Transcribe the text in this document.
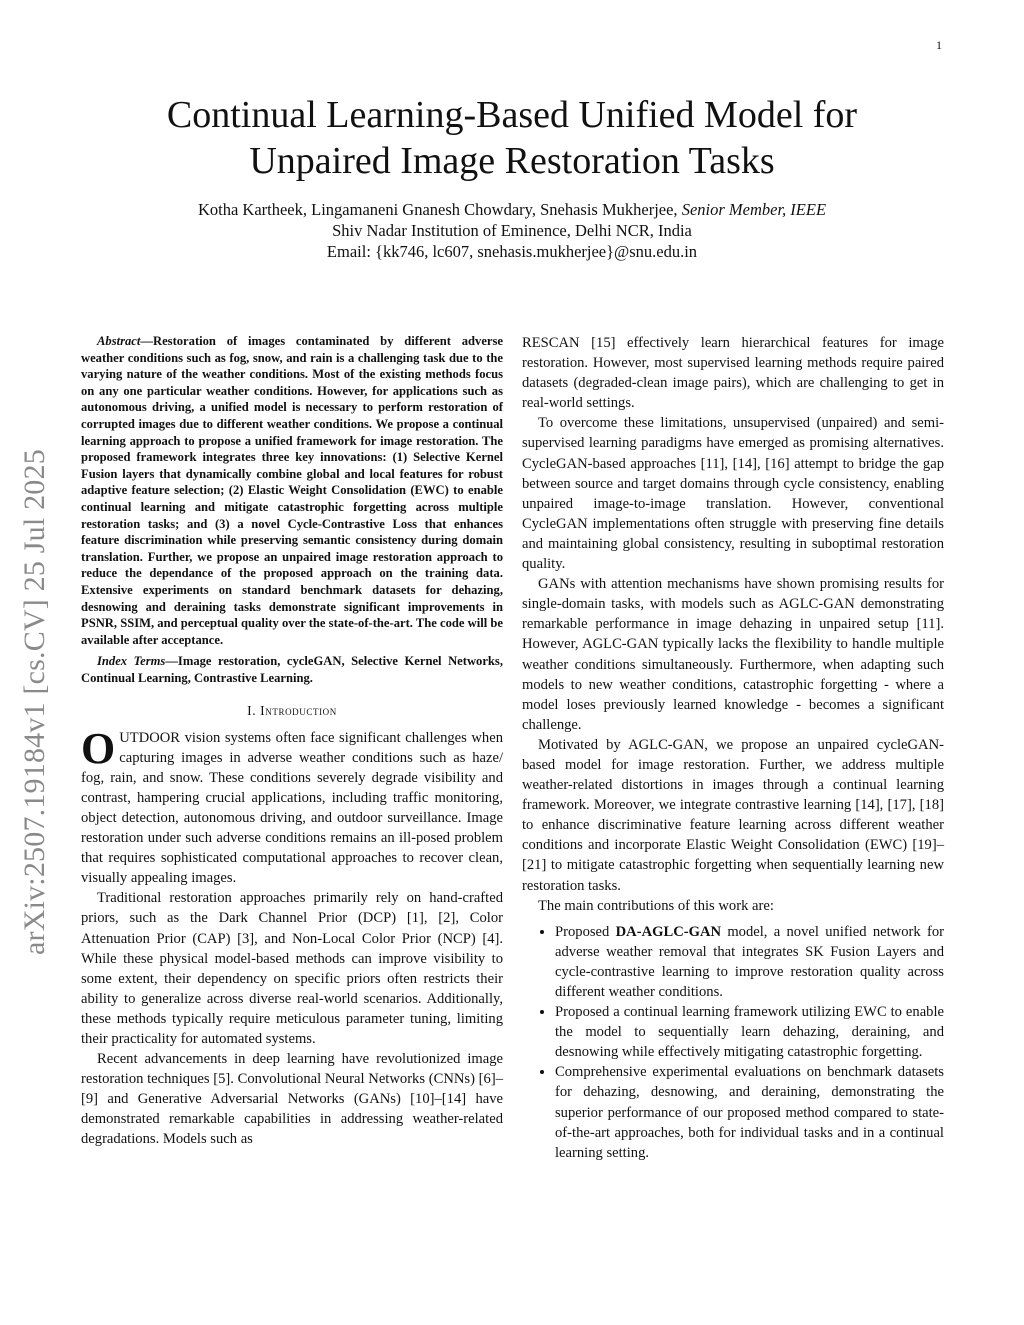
1
arXiv:2507.19184v1 [cs.CV] 25 Jul 2025
Continual Learning-Based Unified Model for
Unpaired Image Restoration Tasks
Kotha Kartheek, Lingamaneni Gnanesh Chowdary, Snehasis Mukherjee, Senior Member, IEEE
Shiv Nadar Institution of Eminence, Delhi NCR, India
Email: {kk746, lc607, snehasis.mukherjee}@snu.edu.in

Abstract—Restoration of images contaminated by different adverse weather conditions such as fog, snow, and rain is a challenging task due to the varying nature of the weather conditions. Most of the existing methods focus on any one particular weather conditions. However, for applications such as autonomous driving, a unified model is necessary to perform restoration of corrupted images due to different weather conditions. We propose a continual learning approach to propose a unified framework for image restoration. The proposed framework integrates three key innovations: (1) Selective Kernel Fusion layers that dynamically combine global and local features for robust adaptive feature selection; (2) Elastic Weight Consolidation (EWC) to enable continual learning and mitigate catastrophic forgetting across multiple restoration tasks; and (3) a novel Cycle-Contrastive Loss that enhances feature discrimination while preserving semantic consistency during domain translation. Further, we propose an unpaired image restoration approach to reduce the dependance of the proposed approach on the training data. Extensive experiments on standard benchmark datasets for dehazing, desnowing and deraining tasks demonstrate significant improvements in PSNR, SSIM, and perceptual quality over the state-of-the-art. The code will be available after acceptance.

Index Terms—Image restoration, cycleGAN, Selective Kernel Networks, Continual Learning, Contrastive Learning.

I. Introduction

OUTDOOR vision systems often face significant challenges when capturing images in adverse weather conditions such as haze/ fog, rain, and snow. These conditions severely degrade visibility and contrast, hampering crucial applications, including traffic monitoring, object detection, autonomous driving, and outdoor surveillance. Image restoration under such adverse conditions remains an ill-posed problem that requires sophisticated computational approaches to recover clean, visually appealing images.

Traditional restoration approaches primarily rely on hand-crafted priors, such as the Dark Channel Prior (DCP) [1], [2], Color Attenuation Prior (CAP) [3], and Non-Local Color Prior (NCP) [4]. While these physical model-based methods can improve visibility to some extent, their dependency on specific priors often restricts their ability to generalize across diverse real-world scenarios. Additionally, these methods typically require meticulous parameter tuning, limiting their practicality for automated systems.

Recent advancements in deep learning have revolutionized image restoration techniques [5]. Convolutional Neural Networks (CNNs) [6]–[9] and Generative Adversarial Networks (GANs) [10]–[14] have demonstrated remarkable capabilities in addressing weather-related degradations. Models such as

RESCAN [15] effectively learn hierarchical features for image restoration. However, most supervised learning methods require paired datasets (degraded-clean image pairs), which are challenging to get in real-world settings.

To overcome these limitations, unsupervised (unpaired) and semi-supervised learning paradigms have emerged as promising alternatives. CycleGAN-based approaches [11], [14], [16] attempt to bridge the gap between source and target domains through cycle consistency, enabling unpaired image-to-image translation. However, conventional CycleGAN implementations often struggle with preserving fine details and maintaining global consistency, resulting in suboptimal restoration quality.

GANs with attention mechanisms have shown promising results for single-domain tasks, with models such as AGLC-GAN demonstrating remarkable performance in image dehazing in unpaired setup [11]. However, AGLC-GAN typically lacks the flexibility to handle multiple weather conditions simultaneously. Furthermore, when adapting such models to new weather conditions, catastrophic forgetting - where a model loses previously learned knowledge - becomes a significant challenge.

Motivated by AGLC-GAN, we propose an unpaired cycleGAN-based model for image restoration. Further, we address multiple weather-related distortions in images through a continual learning framework. Moreover, we integrate contrastive learning [14], [17], [18] to enhance discriminative feature learning across different weather conditions and incorporate Elastic Weight Consolidation (EWC) [19]–[21] to mitigate catastrophic forgetting when sequentially learning new restoration tasks.

The main contributions of this work are:

• Proposed DA-AGLC-GAN model, a novel unified network for adverse weather removal that integrates SK Fusion Layers and cycle-contrastive learning to improve restoration quality across different weather conditions.
• Proposed a continual learning framework utilizing EWC to enable the model to sequentially learn dehazing, deraining, and desnowing while effectively mitigating catastrophic forgetting.
• Comprehensive experimental evaluations on benchmark datasets for dehazing, desnowing, and deraining, demonstrating the superior performance of our proposed method compared to state-of-the-art approaches, both for individual tasks and in a continual learning setting.
